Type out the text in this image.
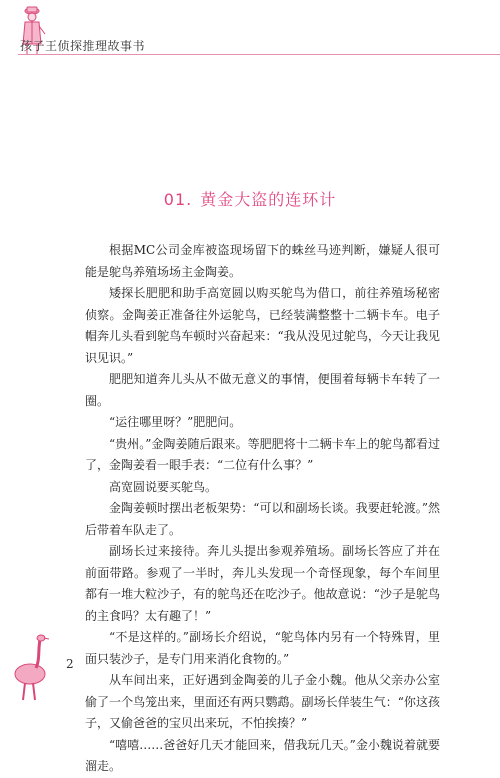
孩子王侦探推理故事书
01. 黄金大盗的连环计

根据MC公司金库被盗现场留下的蛛丝马迹判断，嫌疑人很可能是鸵鸟养殖场场主金陶姜。

矮探长肥肥和助手高宽圆以购买鸵鸟为借口，前往养殖场秘密侦察。金陶姜正准备往外运鸵鸟，已经装满整整十二辆卡车。电子帽奔儿头看到鸵鸟车顿时兴奋起来：“我从没见过鸵鸟，今天让我见识见识。”

肥肥知道奔儿头从不做无意义的事情，便围着每辆卡车转了一圈。

“运往哪里呀？”肥肥问。

“贵州。”金陶姜随后跟来。等肥肥将十二辆卡车上的鸵鸟都看过了，金陶姜看一眼手表：“二位有什么事？”

高宽圆说要买鸵鸟。

金陶姜顿时摆出老板架势：“可以和副场长谈。我要赶轮渡。”然后带着车队走了。

副场长过来接待。奔儿头提出参观养殖场。副场长答应了并在前面带路。参观了一半时，奔儿头发现一个奇怪现象，每个车间里都有一堆大粒沙子，有的鸵鸟还在吃沙子。他故意说：“沙子是鸵鸟的主食吗？太有趣了！”

“不是这样的。”副场长介绍说，“鸵鸟体内另有一个特殊胃，里面只装沙子，是专门用来消化食物的。”

从车间出来，正好遇到金陶姜的儿子金小魏。他从父亲办公室偷了一个鸟笼出来，里面还有两只鹦鹉。副场长佯装生气：“你这孩子，又偷爸爸的宝贝出来玩，不怕挨揍？”

“嘻嘻……爸爸好几天才能回来，借我玩几天。”金小魏说着就要溜走。

2
